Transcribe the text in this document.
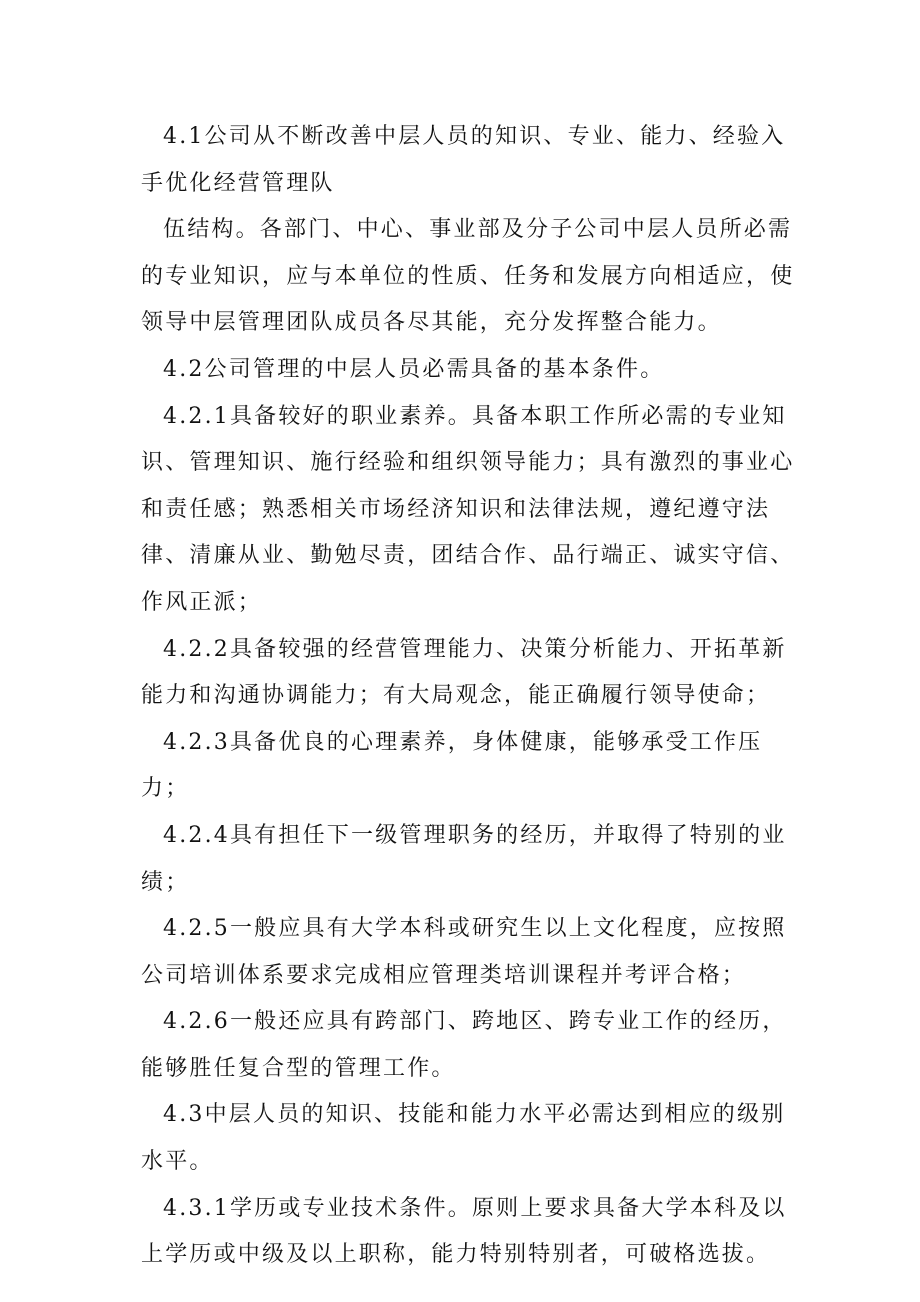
4.1公司从不断改善中层人员的知识、专业、能力、经验入手优化经营管理队

伍结构。各部门、中心、事业部及分子公司中层人员所必需的专业知识，应与本单位的性质、任务和发展方向相适应，使领导中层管理团队成员各尽其能，充分发挥整合能力。

4.2公司管理的中层人员必需具备的基本条件。

4.2.1具备较好的职业素养。具备本职工作所必需的专业知识、管理知识、施行经验和组织领导能力；具有激烈的事业心和责任感；熟悉相关市场经济知识和法律法规，遵纪遵守法律、清廉从业、勤勉尽责，团结合作、品行端正、诚实守信、作风正派；

4.2.2具备较强的经营管理能力、决策分析能力、开拓革新能力和沟通协调能力；有大局观念，能正确履行领导使命；

4.2.3具备优良的心理素养，身体健康，能够承受工作压力；

4.2.4具有担任下一级管理职务的经历，并取得了特别的业绩；

4.2.5一般应具有大学本科或研究生以上文化程度，应按照公司培训体系要求完成相应管理类培训课程并考评合格；

4.2.6一般还应具有跨部门、跨地区、跨专业工作的经历，能够胜任复合型的管理工作。

4.3中层人员的知识、技能和能力水平必需达到相应的级别水平。

4.3.1学历或专业技术条件。原则上要求具备大学本科及以上学历或中级及以上职称，能力特别特别者，可破格选拔。
